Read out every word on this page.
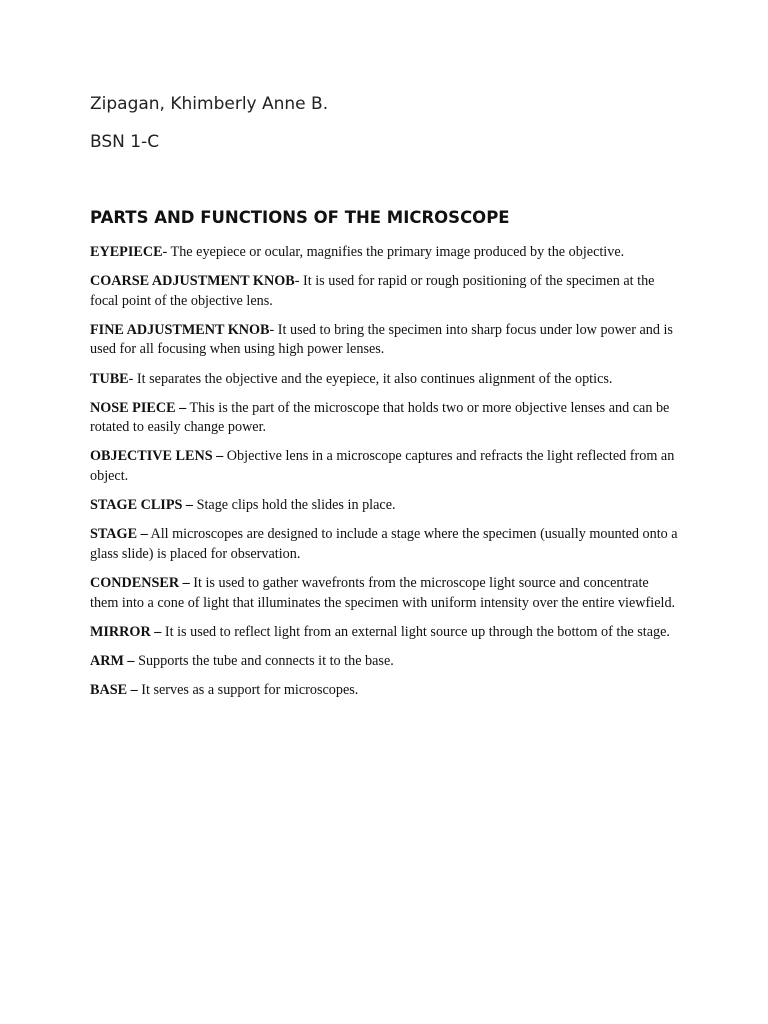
Zipagan, Khimberly Anne B.

BSN 1-C

PARTS AND FUNCTIONS OF THE MICROSCOPE
EYEPIECE- The eyepiece or ocular, magnifies the primary image produced by the objective.
COARSE ADJUSTMENT KNOB- It is used for rapid or rough positioning of the specimen at the focal point of the objective lens.
FINE ADJUSTMENT KNOB- It used to bring the specimen into sharp focus under low power and is used for all focusing when using high power lenses.
TUBE- It separates the objective and the eyepiece, it also continues alignment of the optics.
NOSE PIECE – This is the part of the microscope that holds two or more objective lenses and can be rotated to easily change power.
OBJECTIVE LENS – Objective lens in a microscope captures and refracts the light reflected from an object.
STAGE CLIPS – Stage clips hold the slides in place.
STAGE – All microscopes are designed to include a stage where the specimen (usually mounted onto a glass slide) is placed for observation.
CONDENSER – It is used to gather wavefronts from the microscope light source and concentrate them into a cone of light that illuminates the specimen with uniform intensity over the entire viewfield.
MIRROR – It is used to reflect light from an external light source up through the bottom of the stage.
ARM – Supports the tube and connects it to the base.
BASE – It serves as a support for microscopes.
